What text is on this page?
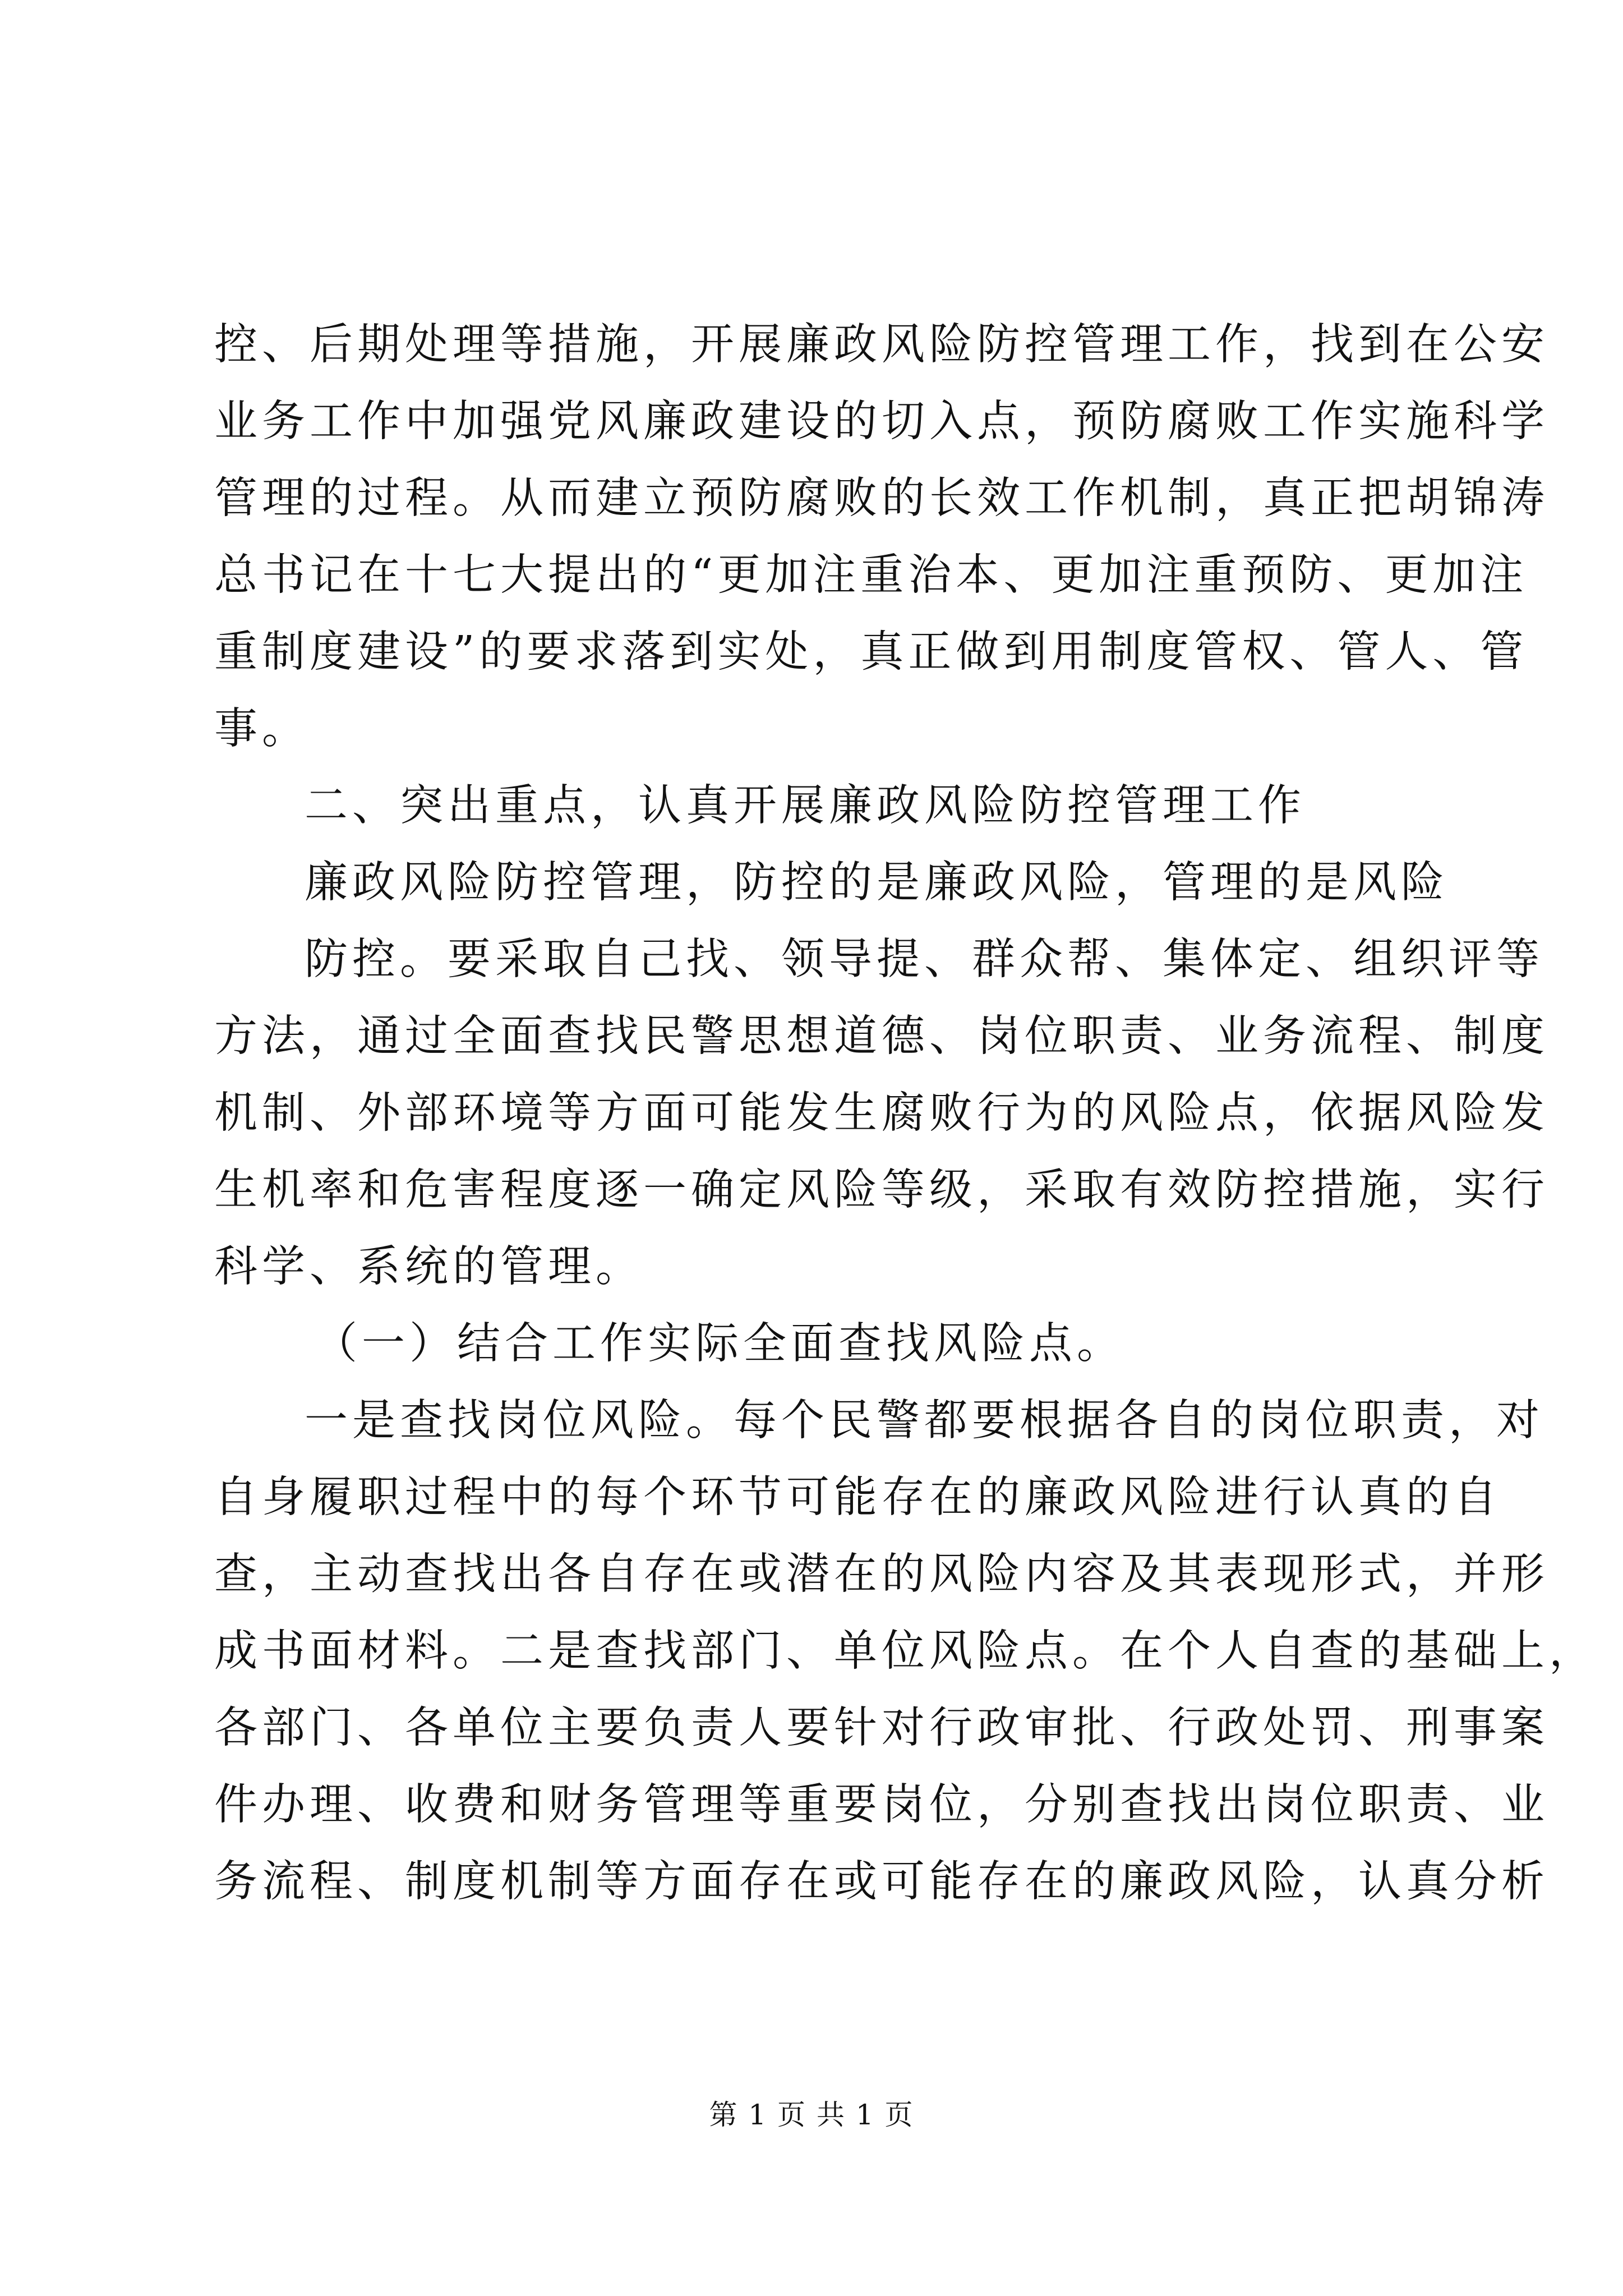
控、后期处理等措施，开展廉政风险防控管理工作，找到在公安
业务工作中加强党风廉政建设的切入点，预防腐败工作实施科学
管理的过程。从而建立预防腐败的长效工作机制，真正把胡锦涛
总书记在十七大提出的“更加注重治本、更加注重预防、更加注
重制度建设”的要求落到实处，真正做到用制度管权、管人、管
事。
二、突出重点，认真开展廉政风险防控管理工作
廉政风险防控管理，防控的是廉政风险，管理的是风险
防控。要采取自己找、领导提、群众帮、集体定、组织评等
方法，通过全面查找民警思想道德、岗位职责、业务流程、制度
机制、外部环境等方面可能发生腐败行为的风险点，依据风险发
生机率和危害程度逐一确定风险等级，采取有效防控措施，实行
科学、系统的管理。
（一）结合工作实际全面查找风险点。
一是查找岗位风险。每个民警都要根据各自的岗位职责，对
自身履职过程中的每个环节可能存在的廉政风险进行认真的自
查，主动查找出各自存在或潜在的风险内容及其表现形式，并形
成书面材料。二是查找部门、单位风险点。在个人自查的基础上，
各部门、各单位主要负责人要针对行政审批、行政处罚、刑事案
件办理、收费和财务管理等重要岗位，分别查找出岗位职责、业
务流程、制度机制等方面存在或可能存在的廉政风险，认真分析
第 1 页 共 1 页
